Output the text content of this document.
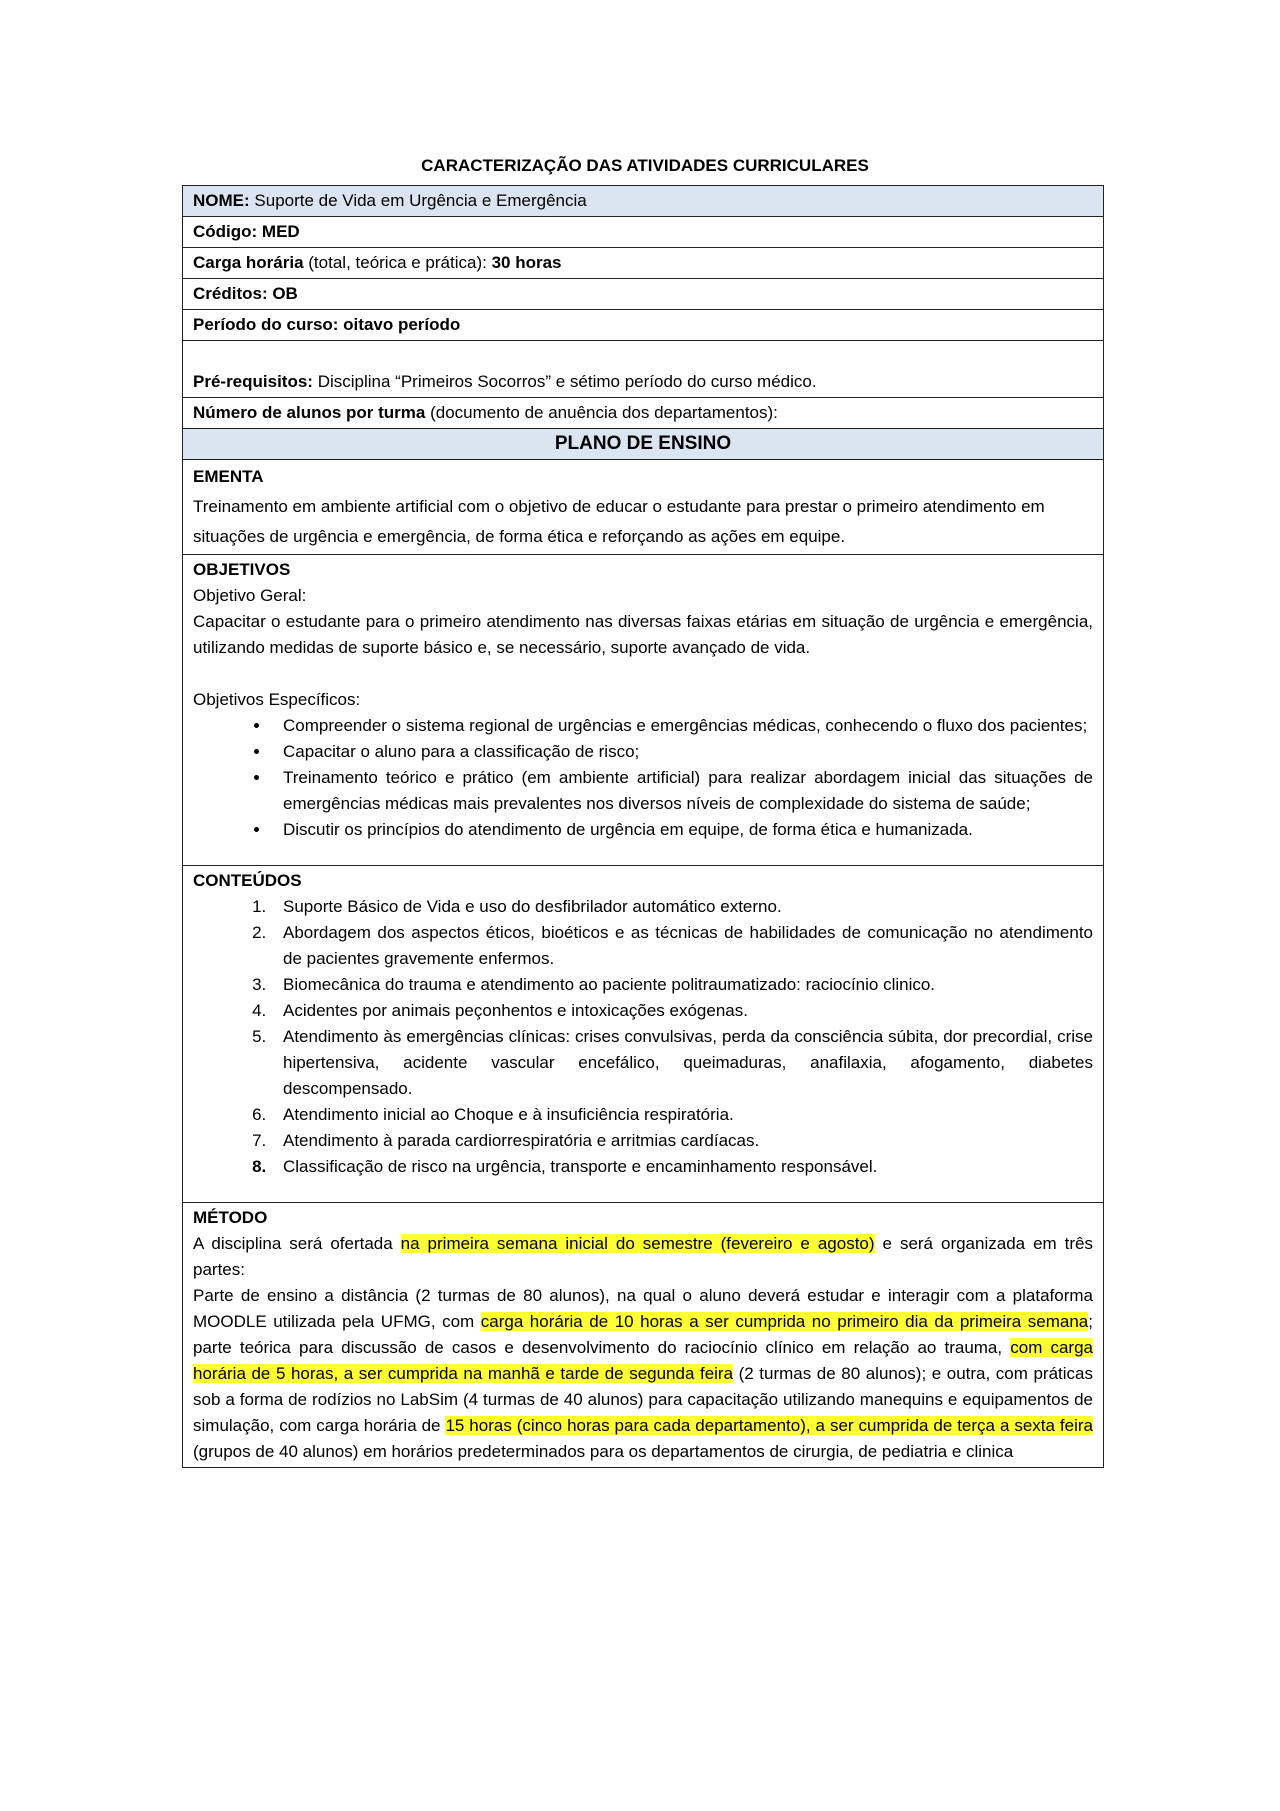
CARACTERIZAÇÃO DAS ATIVIDADES CURRICULARES
NOME: Suporte de Vida em Urgência e Emergência
Código: MED
Carga horária (total, teórica e prática): 30 horas
Créditos: OB
Período do curso: oitavo período

Pré-requisitos: Disciplina “Primeiros Socorros” e sétimo período do curso médico.
Número de alunos por turma (documento de anuência dos departamentos):
PLANO DE ENSINO

EMENTA
Treinamento em ambiente artificial com o objetivo de educar o estudante para prestar o primeiro atendimento em situações de urgência e emergência, de forma ética e reforçando as ações em equipe.

OBJETIVOS
Objetivo Geral:
Capacitar o estudante para o primeiro atendimento nas diversas faixas etárias em situação de urgência e emergência, utilizando medidas de suporte básico e, se necessário, suporte avançado de vida.
Objetivos Específicos:
• Compreender o sistema regional de urgências e emergências médicas, conhecendo o fluxo dos pacientes;
• Capacitar o aluno para a classificação de risco;
• Treinamento teórico e prático (em ambiente artificial) para realizar abordagem inicial das situações de emergências médicas mais prevalentes nos diversos níveis de complexidade do sistema de saúde;
• Discutir os princípios do atendimento de urgência em equipe, de forma ética e humanizada.

CONTEÚDOS
1. Suporte Básico de Vida e uso do desfibrilador automático externo.
2. Abordagem dos aspectos éticos, bioéticos e as técnicas de habilidades de comunicação no atendimento de pacientes gravemente enfermos.
3. Biomecânica do trauma e atendimento ao paciente politraumatizado: raciocínio clinico.
4. Acidentes por animais peçonhentos e intoxicações exógenas.
5. Atendimento às emergências clínicas: crises convulsivas, perda da consciência súbita, dor precordial, crise hipertensiva, acidente vascular encefálico, queimaduras, anafilaxia, afogamento, diabetes descompensado.
6. Atendimento inicial ao Choque e à insuficiência respiratória.
7. Atendimento à parada cardiorrespiratória e arritmias cardíacas.
8. Classificação de risco na urgência, transporte e encaminhamento responsável.

MÉTODO
A disciplina será ofertada na primeira semana inicial do semestre (fevereiro e agosto) e será organizada em três partes:
Parte de ensino a distância (2 turmas de 80 alunos), na qual o aluno deverá estudar e interagir com a plataforma MOODLE utilizada pela UFMG, com carga horária de 10 horas a ser cumprida no primeiro dia da primeira semana; parte teórica para discussão de casos e desenvolvimento do raciocínio clínico em relação ao trauma, com carga horária de 5 horas, a ser cumprida na manhã e tarde de segunda feira (2 turmas de 80 alunos); e outra, com práticas sob a forma de rodízios no LabSim (4 turmas de 40 alunos) para capacitação utilizando manequins e equipamentos de simulação, com carga horária de 15 horas (cinco horas para cada departamento), a ser cumprida de terça a sexta feira (grupos de 40 alunos) em horários predeterminados para os departamentos de cirurgia, de pediatria e clinica
